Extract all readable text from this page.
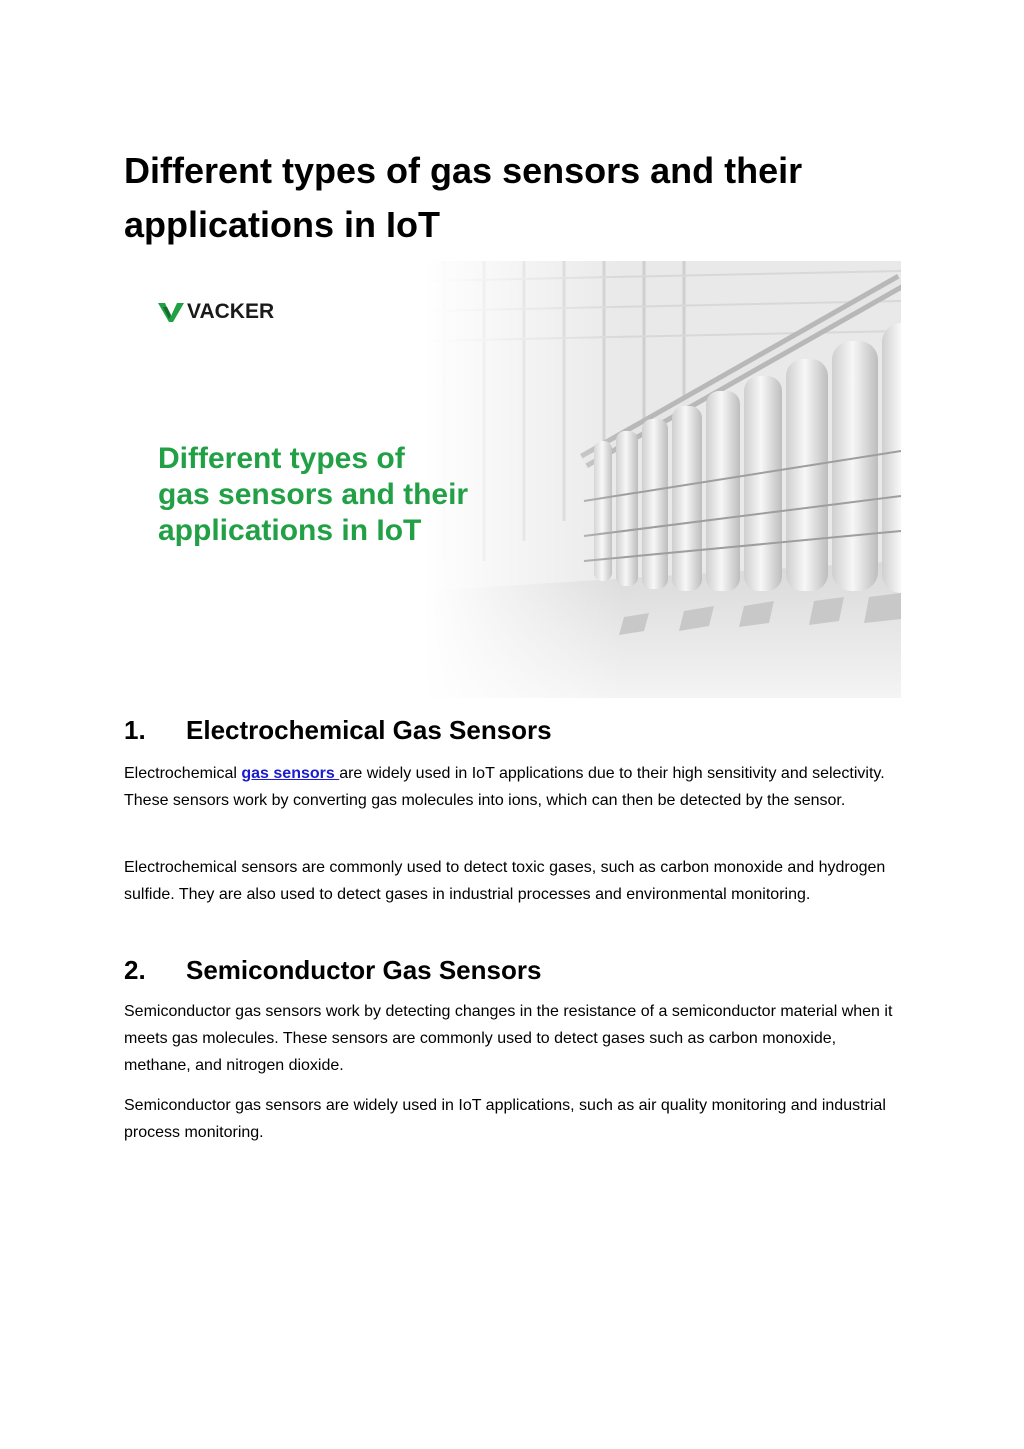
Different types of gas sensors and their applications in IoT
VACKER
Different types of
gas sensors and their
applications in IoT
1. Electrochemical Gas Sensors

Electrochemical gas sensors are widely used in IoT applications due to their high sensitivity and selectivity. These sensors work by converting gas molecules into ions, which can then be detected by the sensor.

Electrochemical sensors are commonly used to detect toxic gases, such as carbon monoxide and hydrogen sulfide. They are also used to detect gases in industrial processes and environmental monitoring.

2. Semiconductor Gas Sensors

Semiconductor gas sensors work by detecting changes in the resistance of a semiconductor material when it meets gas molecules. These sensors are commonly used to detect gases such as carbon monoxide, methane, and nitrogen dioxide.

Semiconductor gas sensors are widely used in IoT applications, such as air quality monitoring and industrial process monitoring.
